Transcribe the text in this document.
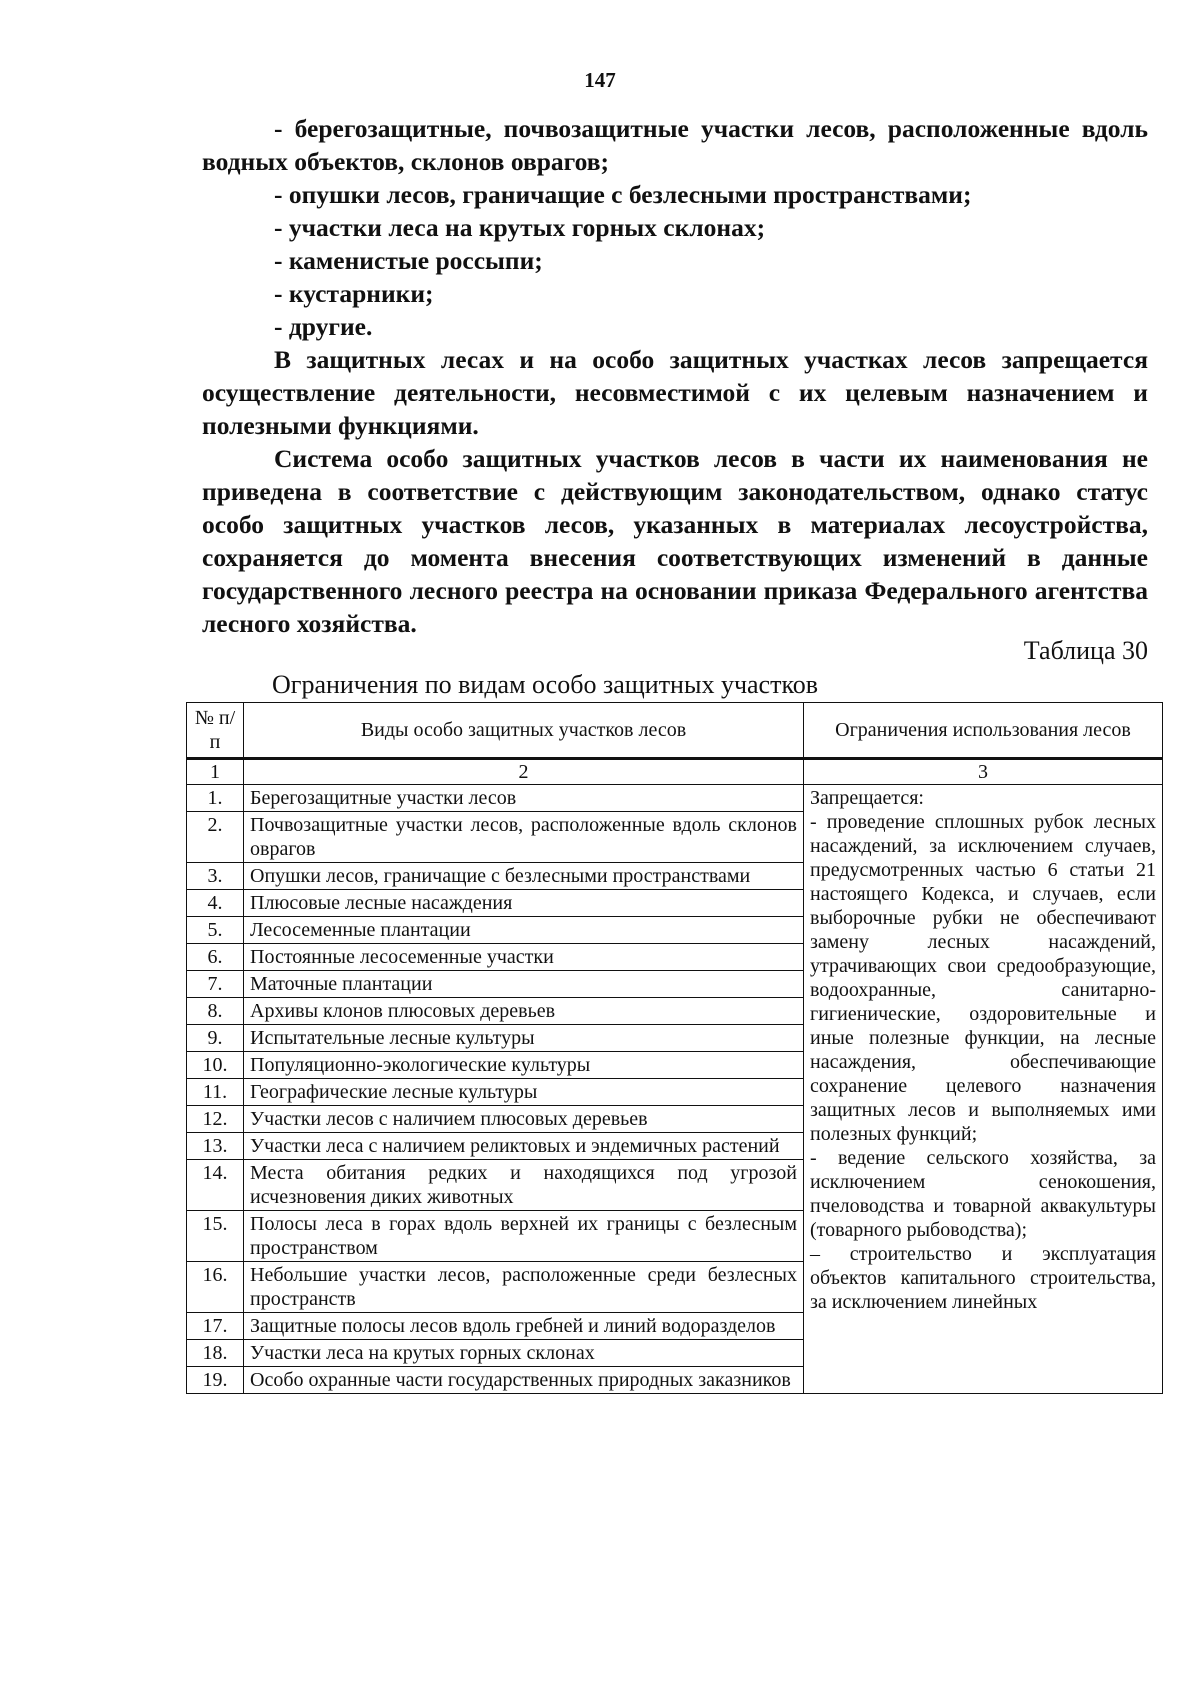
147

- берегозащитные, почвозащитные участки лесов, расположенные вдоль водных объектов, склонов оврагов;

- опушки лесов, граничащие с безлесными пространствами;

- участки леса на крутых горных склонах;

- каменистые россыпи;

- кустарники;

- другие.

В защитных лесах и на особо защитных участках лесов запрещается осуществление деятельности, несовместимой с их целевым назначением и полезными функциями.

Система особо защитных участков лесов в части их наименования не приведена в соответствие с действующим законодательством, однако статус особо защитных участков лесов, указанных в материалах лесоустройства, сохраняется до момента внесения соответствующих изменений в данные государственного лесного реестра на основании приказа Федерального агентства лесного хозяйства.

Таблица 30
Ограничения по видам особо защитных участков
№ п/п	Виды особо защитных участков лесов	Ограничения использования лесов
1	2	3
1.	Берегозащитные участки лесов	Запрещается:
- проведение сплошных рубок лесных насаждений, за исключением случаев, предусмотренных частью 6 статьи 21 настоящего Кодекса, и случаев, если выборочные рубки не обеспечивают замену лесных насаждений, утрачивающих свои средообразующие, водоохранные, санитарно-гигиенические, оздоровительные и иные полезные функции, на лесные насаждения, обеспечивающие сохранение целевого назначения защитных лесов и выполняемых ими полезных функций;
- ведение сельского хозяйства, за исключением сенокошения, пчеловодства и товарной аквакультуры (товарного рыбоводства);
– строительство и эксплуатация объектов капитального строительства, за исключением линейных

2.	Почвозащитные участки лесов, расположенные вдоль склонов оврагов	
3.	Опушки лесов, граничащие с безлесными пространствами	
4.	Плюсовые лесные насаждения	
5.	Лесосеменные плантации	
6.	Постоянные лесосеменные участки	
7.	Маточные плантации	
8.	Архивы клонов плюсовых деревьев	
9.	Испытательные лесные культуры	
10.	Популяционно-экологические культуры	
11.	Географические лесные культуры	
12.	Участки лесов с наличием плюсовых деревьев	
13.	Участки леса с наличием реликтовых и эндемичных растений	
14.	Места обитания редких и находящихся под угрозой исчезновения диких животных	
15.	Полосы леса в горах вдоль верхней их границы с безлесным пространством	
16.	Небольшие участки лесов, расположенные среди безлесных пространств	
17.	Защитные полосы лесов вдоль гребней и линий водоразделов	
18.	Участки леса на крутых горных склонах	
19.	Особо охранные части государственных природных заказников	
